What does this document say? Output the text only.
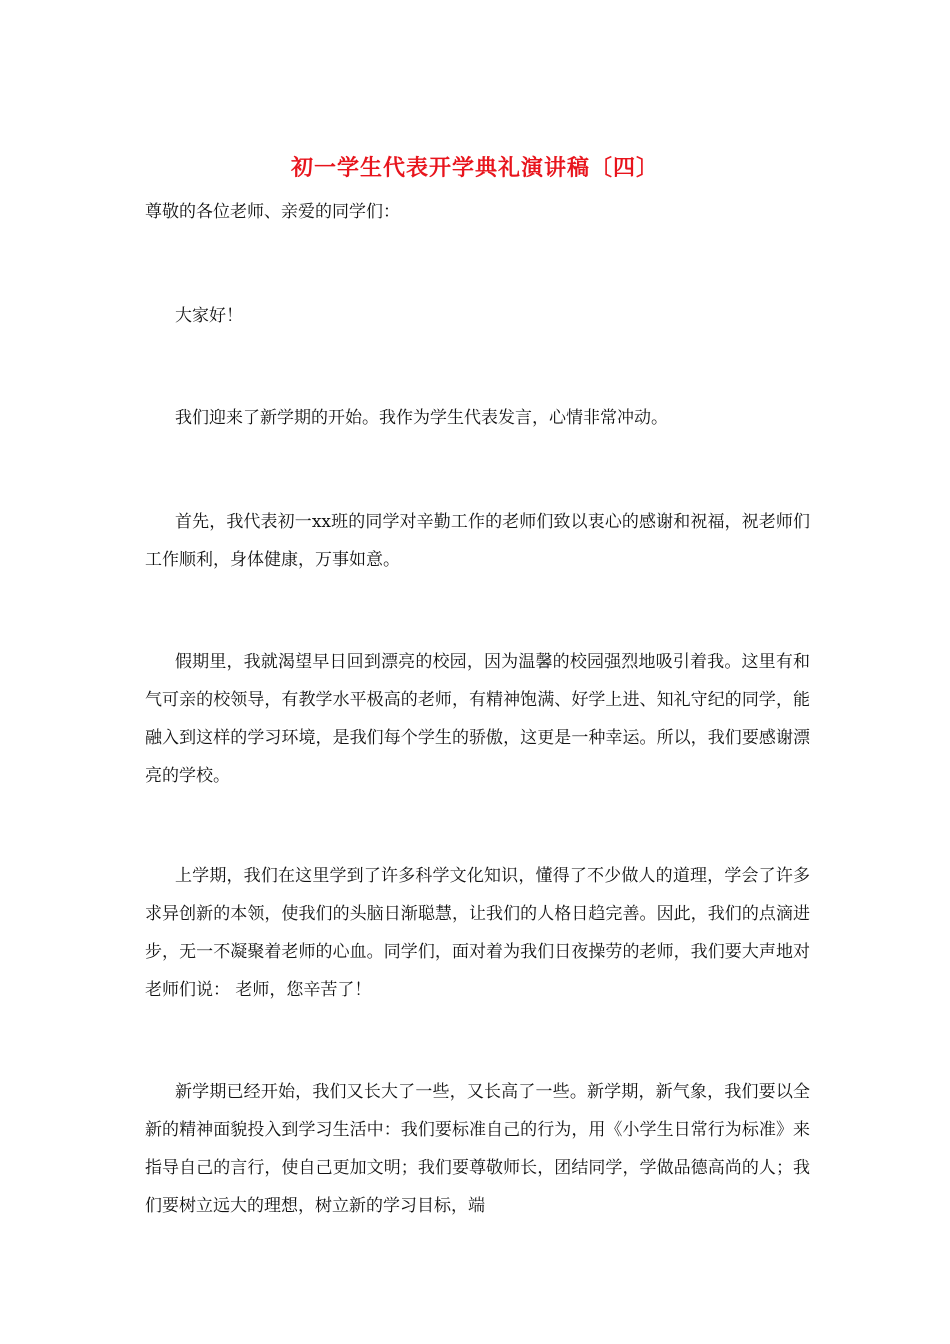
初一学生代表开学典礼演讲稿〔四〕
尊敬的各位老师、亲爱的同学们：

大家好！

我们迎来了新学期的开始。我作为学生代表发言，心情非常冲动。

首先，我代表初一xx班的同学对辛勤工作的老师们致以衷心的感谢和祝福，祝老师们工作顺利，身体健康，万事如意。

假期里，我就渴望早日回到漂亮的校园，因为温馨的校园强烈地吸引着我。这里有和气可亲的校领导，有教学水平极高的老师，有精神饱满、好学上进、知礼守纪的同学，能融入到这样的学习环境，是我们每个学生的骄傲，这更是一种幸运。所以，我们要感谢漂亮的学校。

上学期，我们在这里学到了许多科学文化知识，懂得了不少做人的道理，学会了许多求异创新的本领，使我们的头脑日渐聪慧，让我们的人格日趋完善。因此，我们的点滴进步，无一不凝聚着老师的心血。同学们，面对着为我们日夜操劳的老师，我们要大声地对老师们说： 老师，您辛苦了！

新学期已经开始，我们又长大了一些，又长高了一些。新学期，新气象，我们要以全新的精神面貌投入到学习生活中：我们要标准自己的行为，用《小学生日常行为标准》来指导自己的言行，使自己更加文明；我们要尊敬师长，团结同学，学做品德高尚的人；我们要树立远大的理想，树立新的学习目标，端
